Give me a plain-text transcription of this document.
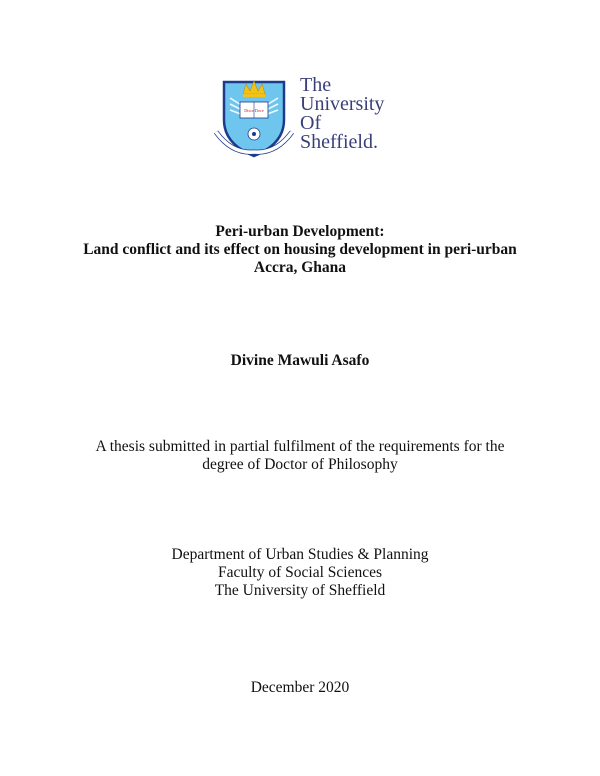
Disce Doce
The
University
Of
Sheffield.
Peri-urban Development:
Land conflict and its effect on housing development in peri-urban
Accra, Ghana
Divine Mawuli Asafo
A thesis submitted in partial fulfilment of the requirements for the
degree of Doctor of Philosophy
Department of Urban Studies & Planning
Faculty of Social Sciences
The University of Sheffield
December 2020
